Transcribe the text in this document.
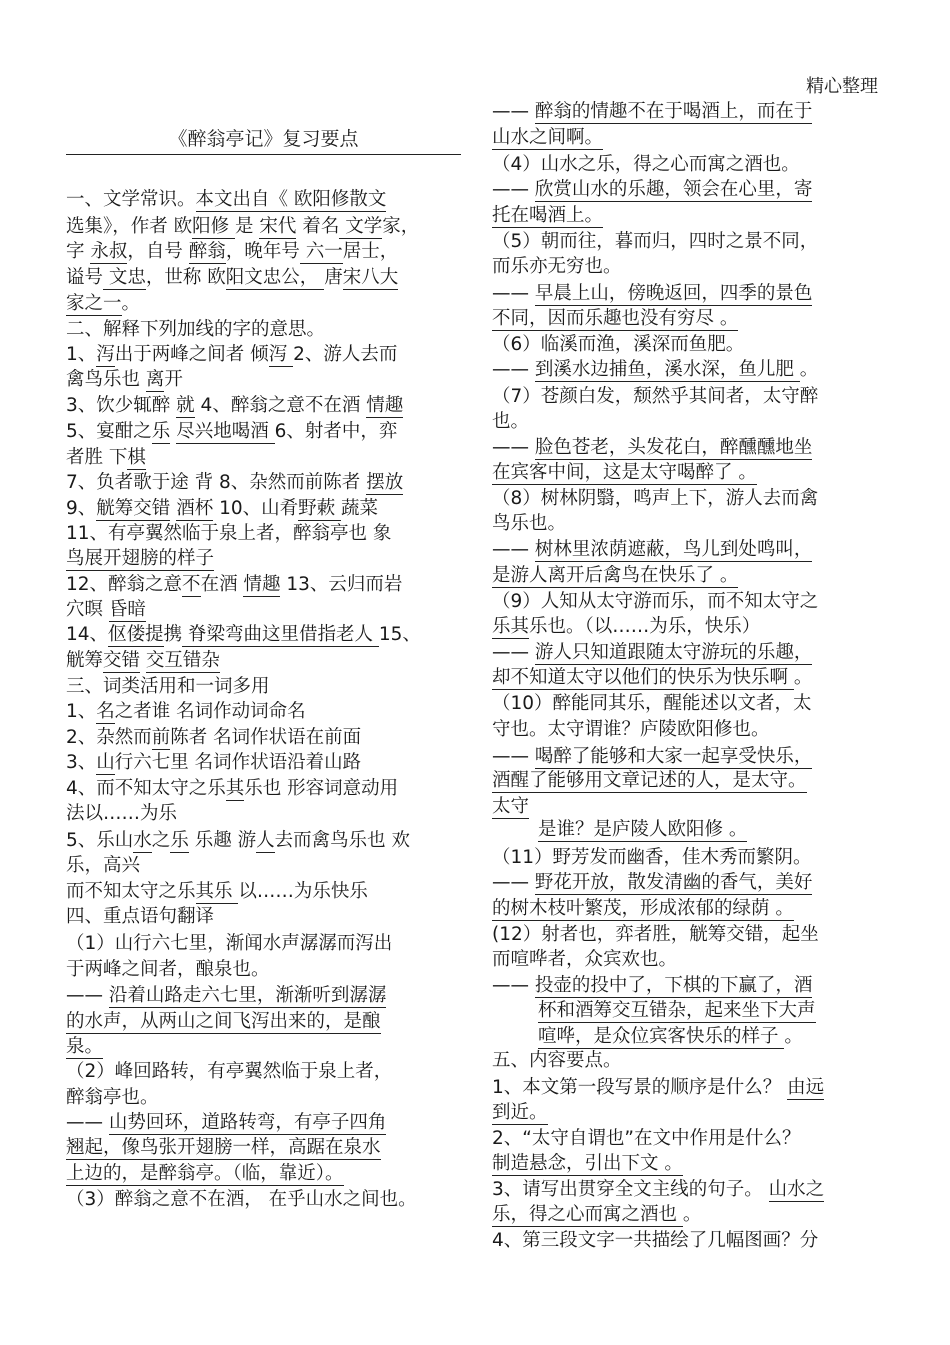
精心整理
《醉翁亭记》复习要点
一、文学常识。本文出自《 欧阳修散文
选集》，作者 欧阳修 是 宋代 着名 文学家，
字 永叔，自号 醉翁，晚年号 六一居士，
谥号 文忠，世称 欧阳文忠公， 唐宋八大
家之一。
二、解释下列加线的字的意思。
1、泻出于两峰之间者 倾泻 2、游人去而
禽鸟乐也 离开
3、饮少辄醉 就 4、醉翁之意不在酒 情趣
5、宴酣之乐 尽兴地喝酒 6、射者中，弈
者胜 下棋
7、负者歌于途 背 8、杂然而前陈者 摆放
9、觥筹交错 酒杯 10、山肴野蔌 蔬菜
11、有亭翼然临于泉上者，醉翁亭也 象
鸟展开翅膀的样子
12、醉翁之意不在酒 情趣 13、云归而岩
穴暝 昏暗
14、伛偻提携 脊梁弯曲这里借指老人 15、
觥筹交错 交互错杂
三、词类活用和一词多用
1、名之者谁 名词作动词命名
2、杂然而前陈者 名词作状语在前面
3、山行六七里 名词作状语沿着山路
4、而不知太守之乐其乐也 形容词意动用
法以……为乐
5、乐山水之乐 乐趣 游人去而禽鸟乐也 欢
乐，高兴
而不知太守之乐其乐 以……为乐快乐
四、重点语句翻译
（1）山行六七里，渐闻水声潺潺而泻出
于两峰之间者，酿泉也。
—— 沿着山路走六七里，渐渐听到潺潺
的水声，从两山之间飞泻出来的，是酿
泉。
（2）峰回路转，有亭翼然临于泉上者，
醉翁亭也。
—— 山势回环，道路转弯，有亭子四角
翘起，像鸟张开翅膀一样，高踞在泉水
上边的，是醉翁亭。（临，靠近）。
（3）醉翁之意不在酒， 在乎山水之间也。
—— 醉翁的情趣不在于喝酒上，而在于
山水之间啊。
（4）山水之乐，得之心而寓之酒也。
—— 欣赏山水的乐趣，领会在心里，寄
托在喝酒上。
（5）朝而往，暮而归，四时之景不同，
而乐亦无穷也。
—— 早晨上山，傍晚返回，四季的景色
不同，因而乐趣也没有穷尽 。
（6）临溪而渔，溪深而鱼肥。
—— 到溪水边捕鱼，溪水深，鱼儿肥 。
（7）苍颜白发，颓然乎其间者，太守醉
也。
—— 脸色苍老，头发花白，醉醺醺地坐
在宾客中间，这是太守喝醉了 。
（8）树林阴翳，鸣声上下，游人去而禽
鸟乐也。
—— 树林里浓荫遮蔽，鸟儿到处鸣叫，
是游人离开后禽鸟在快乐了 。
（9）人知从太守游而乐，而不知太守之
乐其乐也。（以……为乐，快乐）
—— 游人只知道跟随太守游玩的乐趣，
却不知道太守以他们的快乐为快乐啊 。
（10）醉能同其乐，醒能述以文者，太
守也。太守谓谁？庐陵欧阳修也。
—— 喝醉了能够和大家一起享受快乐，
酒醒了能够用文章记述的人，是太守。
太守
是谁？是庐陵人欧阳修 。
（11）野芳发而幽香，佳木秀而繁阴。
—— 野花开放，散发清幽的香气，美好
的树木枝叶繁茂，形成浓郁的绿荫 。
(12）射者也，弈者胜，觥筹交错，起坐
而喧哗者，众宾欢也。
—— 投壶的投中了，下棋的下赢了，酒
杯和酒筹交互错杂，起来坐下大声
喧哗，是众位宾客快乐的样子 。
五、内容要点。
1、本文第一段写景的顺序是什么？ 由远
到近。
2、“太守自谓也”在文中作用是什么？
制造悬念，引出下文 。
3、请写出贯穿全文主线的句子。 山水之
乐，得之心而寓之酒也 。
4、第三段文字一共描绘了几幅图画？分
